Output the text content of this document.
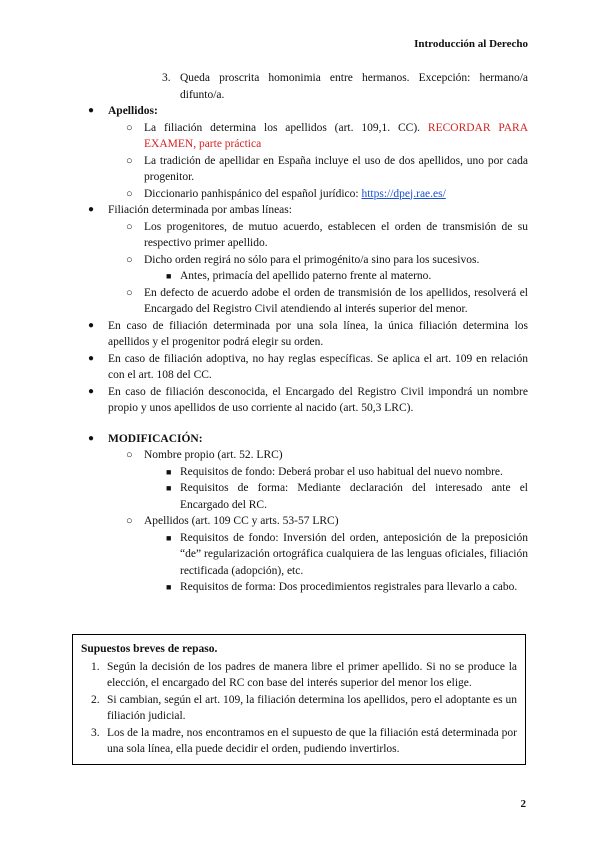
Introducción al Derecho
3. Queda proscrita homonimia entre hermanos. Excepción: hermano/a difunto/a.
● Apellidos:
○ La filiación determina los apellidos (art. 109,1. CC). RECORDAR PARA EXAMEN, parte práctica
○ La tradición de apellidar en España incluye el uso de dos apellidos, uno por cada progenitor.
○ Diccionario panhispánico del español jurídico: https://dpej.rae.es/
● Filiación determinada por ambas líneas:
○ Los progenitores, de mutuo acuerdo, establecen el orden de transmisión de su respectivo primer apellido.
○ Dicho orden regirá no sólo para el primogénito/a sino para los sucesivos.
■ Antes, primacía del apellido paterno frente al materno.
○ En defecto de acuerdo adobe el orden de transmisión de los apellidos, resolverá el Encargado del Registro Civil atendiendo al interés superior del menor.
● En caso de filiación determinada por una sola línea, la única filiación determina los apellidos y el progenitor podrá elegir su orden.
● En caso de filiación adoptiva, no hay reglas específicas. Se aplica el art. 109 en relación con el art. 108 del CC.
● En caso de filiación desconocida, el Encargado del Registro Civil impondrá un nombre propio y unos apellidos de uso corriente al nacido (art. 50,3 LRC).
● MODIFICACIÓN:
○ Nombre propio (art. 52. LRC)
■ Requisitos de fondo: Deberá probar el uso habitual del nuevo nombre.
■ Requisitos de forma: Mediante declaración del interesado ante el Encargado del RC.
○ Apellidos (art. 109 CC y arts. 53-57 LRC)
■ Requisitos de fondo: Inversión del orden, anteposición de la preposición “de” regularización ortográfica cualquiera de las lenguas oficiales, filiación rectificada (adopción), etc.
■ Requisitos de forma: Dos procedimientos registrales para llevarlo a cabo.
Supuestos breves de repaso.
1. Según la decisión de los padres de manera libre el primer apellido. Si no se produce la elección, el encargado del RC con base del interés superior del menor los elige.
2. Si cambian, según el art. 109, la filiación determina los apellidos, pero el adoptante es un filiación judicial.
3. Los de la madre, nos encontramos en el supuesto de que la filiación está determinada por una sola línea, ella puede decidir el orden, pudiendo invertirlos.
2
